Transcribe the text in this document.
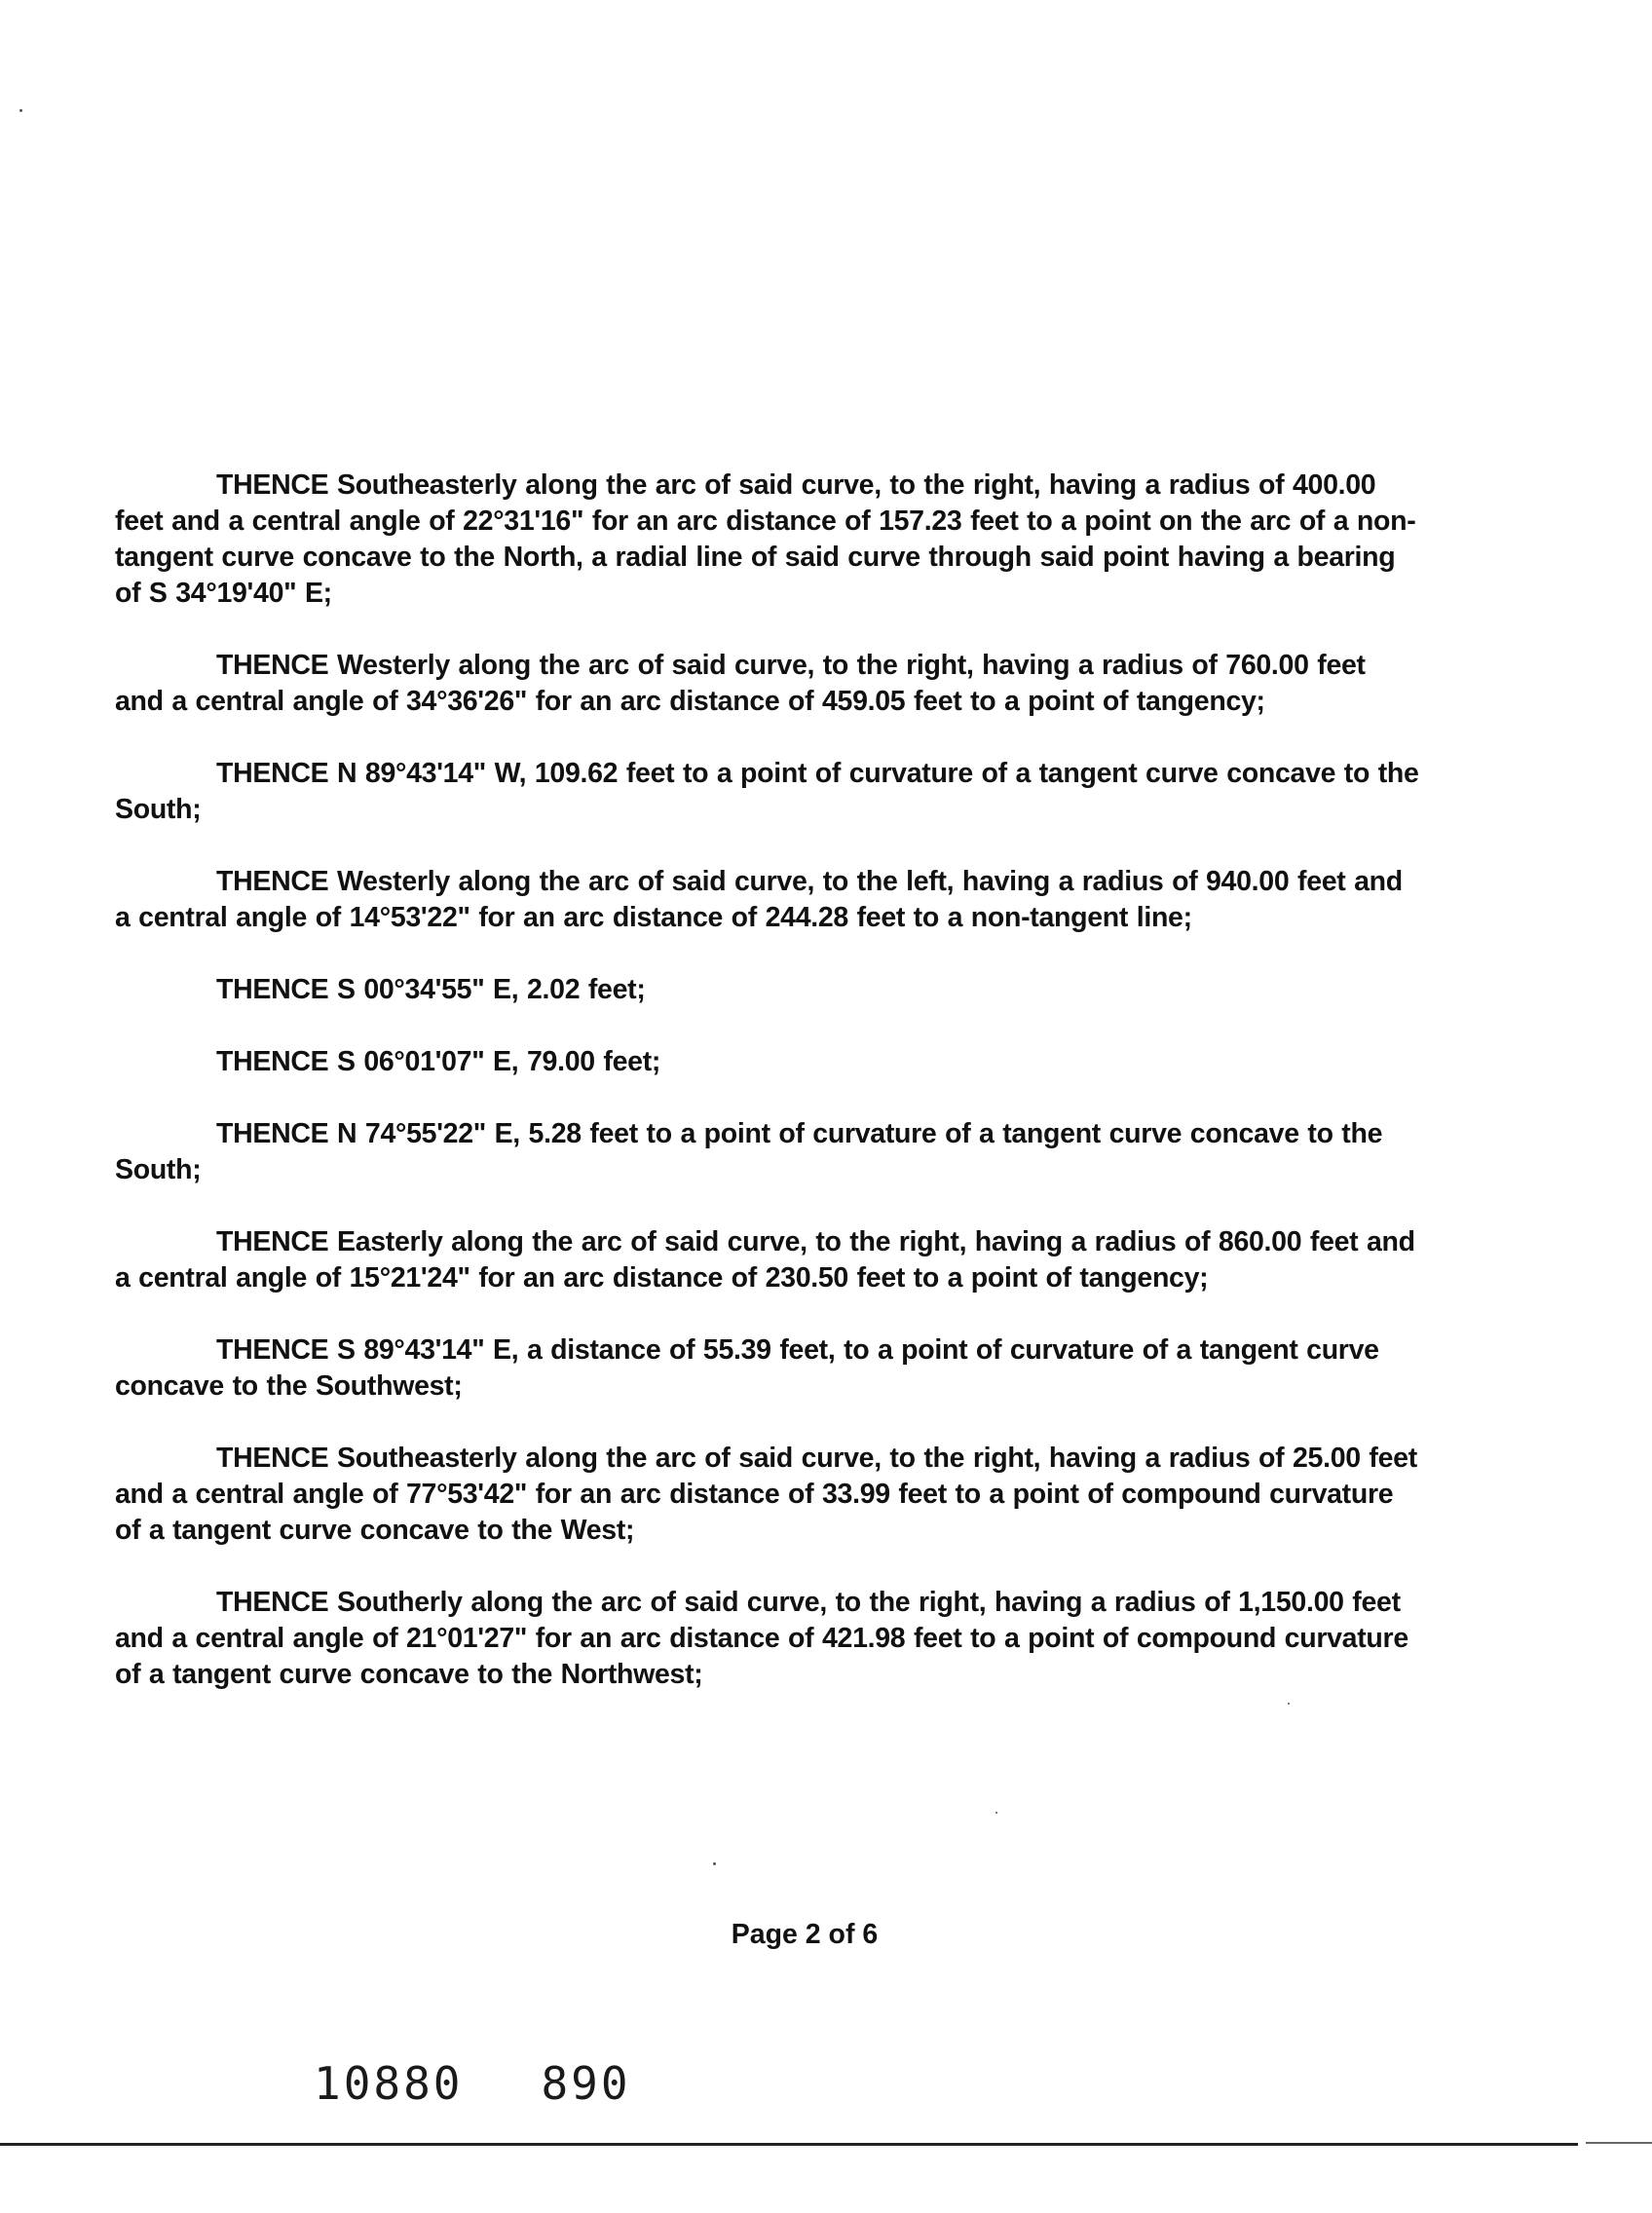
THENCE Southeasterly along the arc of said curve, to the right, having a radius of 400.00 feet and a central angle of 22°31'16" for an arc distance of 157.23 feet to a point on the arc of a non-tangent curve concave to the North, a radial line of said curve through said point having a bearing of S 34°19'40" E;

THENCE Westerly along the arc of said curve, to the right, having a radius of 760.00 feet and a central angle of 34°36'26" for an arc distance of 459.05 feet to a point of tangency;

THENCE N 89°43'14" W, 109.62 feet to a point of curvature of a tangent curve concave to the South;

THENCE Westerly along the arc of said curve, to the left, having a radius of 940.00 feet and a central angle of 14°53'22" for an arc distance of 244.28 feet to a non-tangent line;

THENCE S 00°34'55" E, 2.02 feet;

THENCE S 06°01'07" E, 79.00 feet;

THENCE N 74°55'22" E, 5.28 feet to a point of curvature of a tangent curve concave to the South;

THENCE Easterly along the arc of said curve, to the right, having a radius of 860.00 feet and a central angle of 15°21'24" for an arc distance of 230.50 feet to a point of tangency;

THENCE S 89°43'14" E, a distance of 55.39 feet, to a point of curvature of a tangent curve concave to the Southwest;

THENCE Southeasterly along the arc of said curve, to the right, having a radius of 25.00 feet and a central angle of 77°53'42" for an arc distance of 33.99 feet to a point of compound curvature of a tangent curve concave to the West;

THENCE Southerly along the arc of said curve, to the right, having a radius of 1,150.00 feet and a central angle of 21°01'27" for an arc distance of 421.98 feet to a point of compound curvature of a tangent curve concave to the Northwest;

Page 2 of 6
10880 890
